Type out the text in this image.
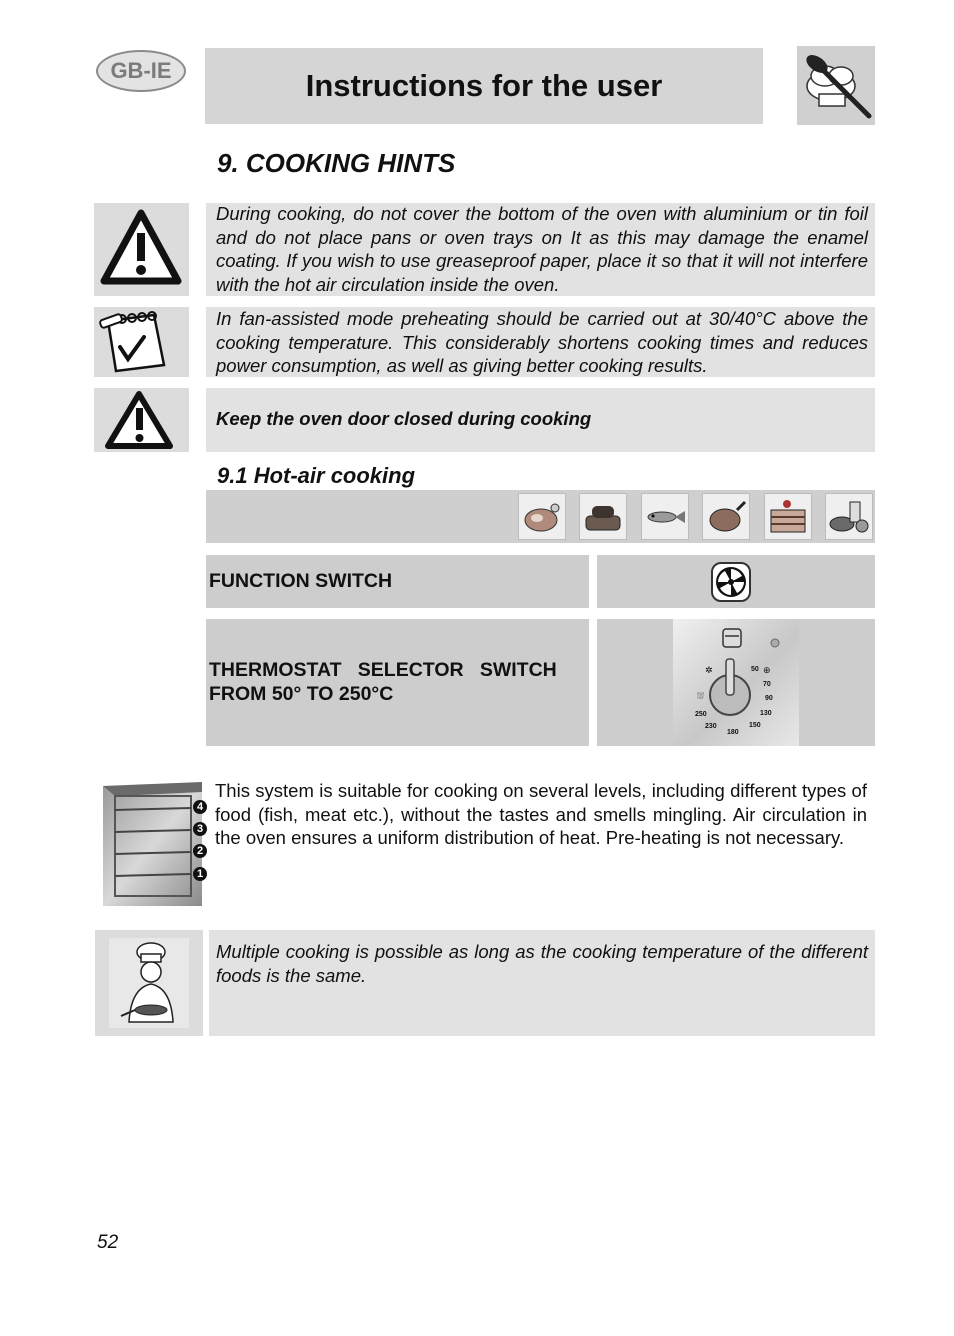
GB-IE	Instructions for the user
9. COOKING HINTS
During cooking, do not cover the bottom of the oven with aluminium or tin foil and do not place pans or oven trays on It as this may damage the enamel coating. If you wish to use greaseproof paper, place it so that it will not interfere with the hot air circulation inside the oven.
In fan-assisted mode preheating should be carried out at 30/40°C above the cooking temperature. This considerably shortens cooking times and reduces power consumption, as well as giving better cooking results.
Keep the oven door closed during cooking
9.1 Hot-air cooking
FUNCTION SWITCH
THERMOSTAT   SELECTOR   SWITCH
FROM 50° TO 250°C
✲
⛆
50 ⊕
70
90
130
150
180
230
250
4
3
2
1
This system is suitable for cooking on several levels, including different types of food (fish, meat etc.), without the tastes and smells mingling. Air circulation in the oven ensures a uniform distribution of heat. Pre-heating is not necessary.
Multiple cooking is possible as long as the cooking temperature of the different foods is the same.
52
